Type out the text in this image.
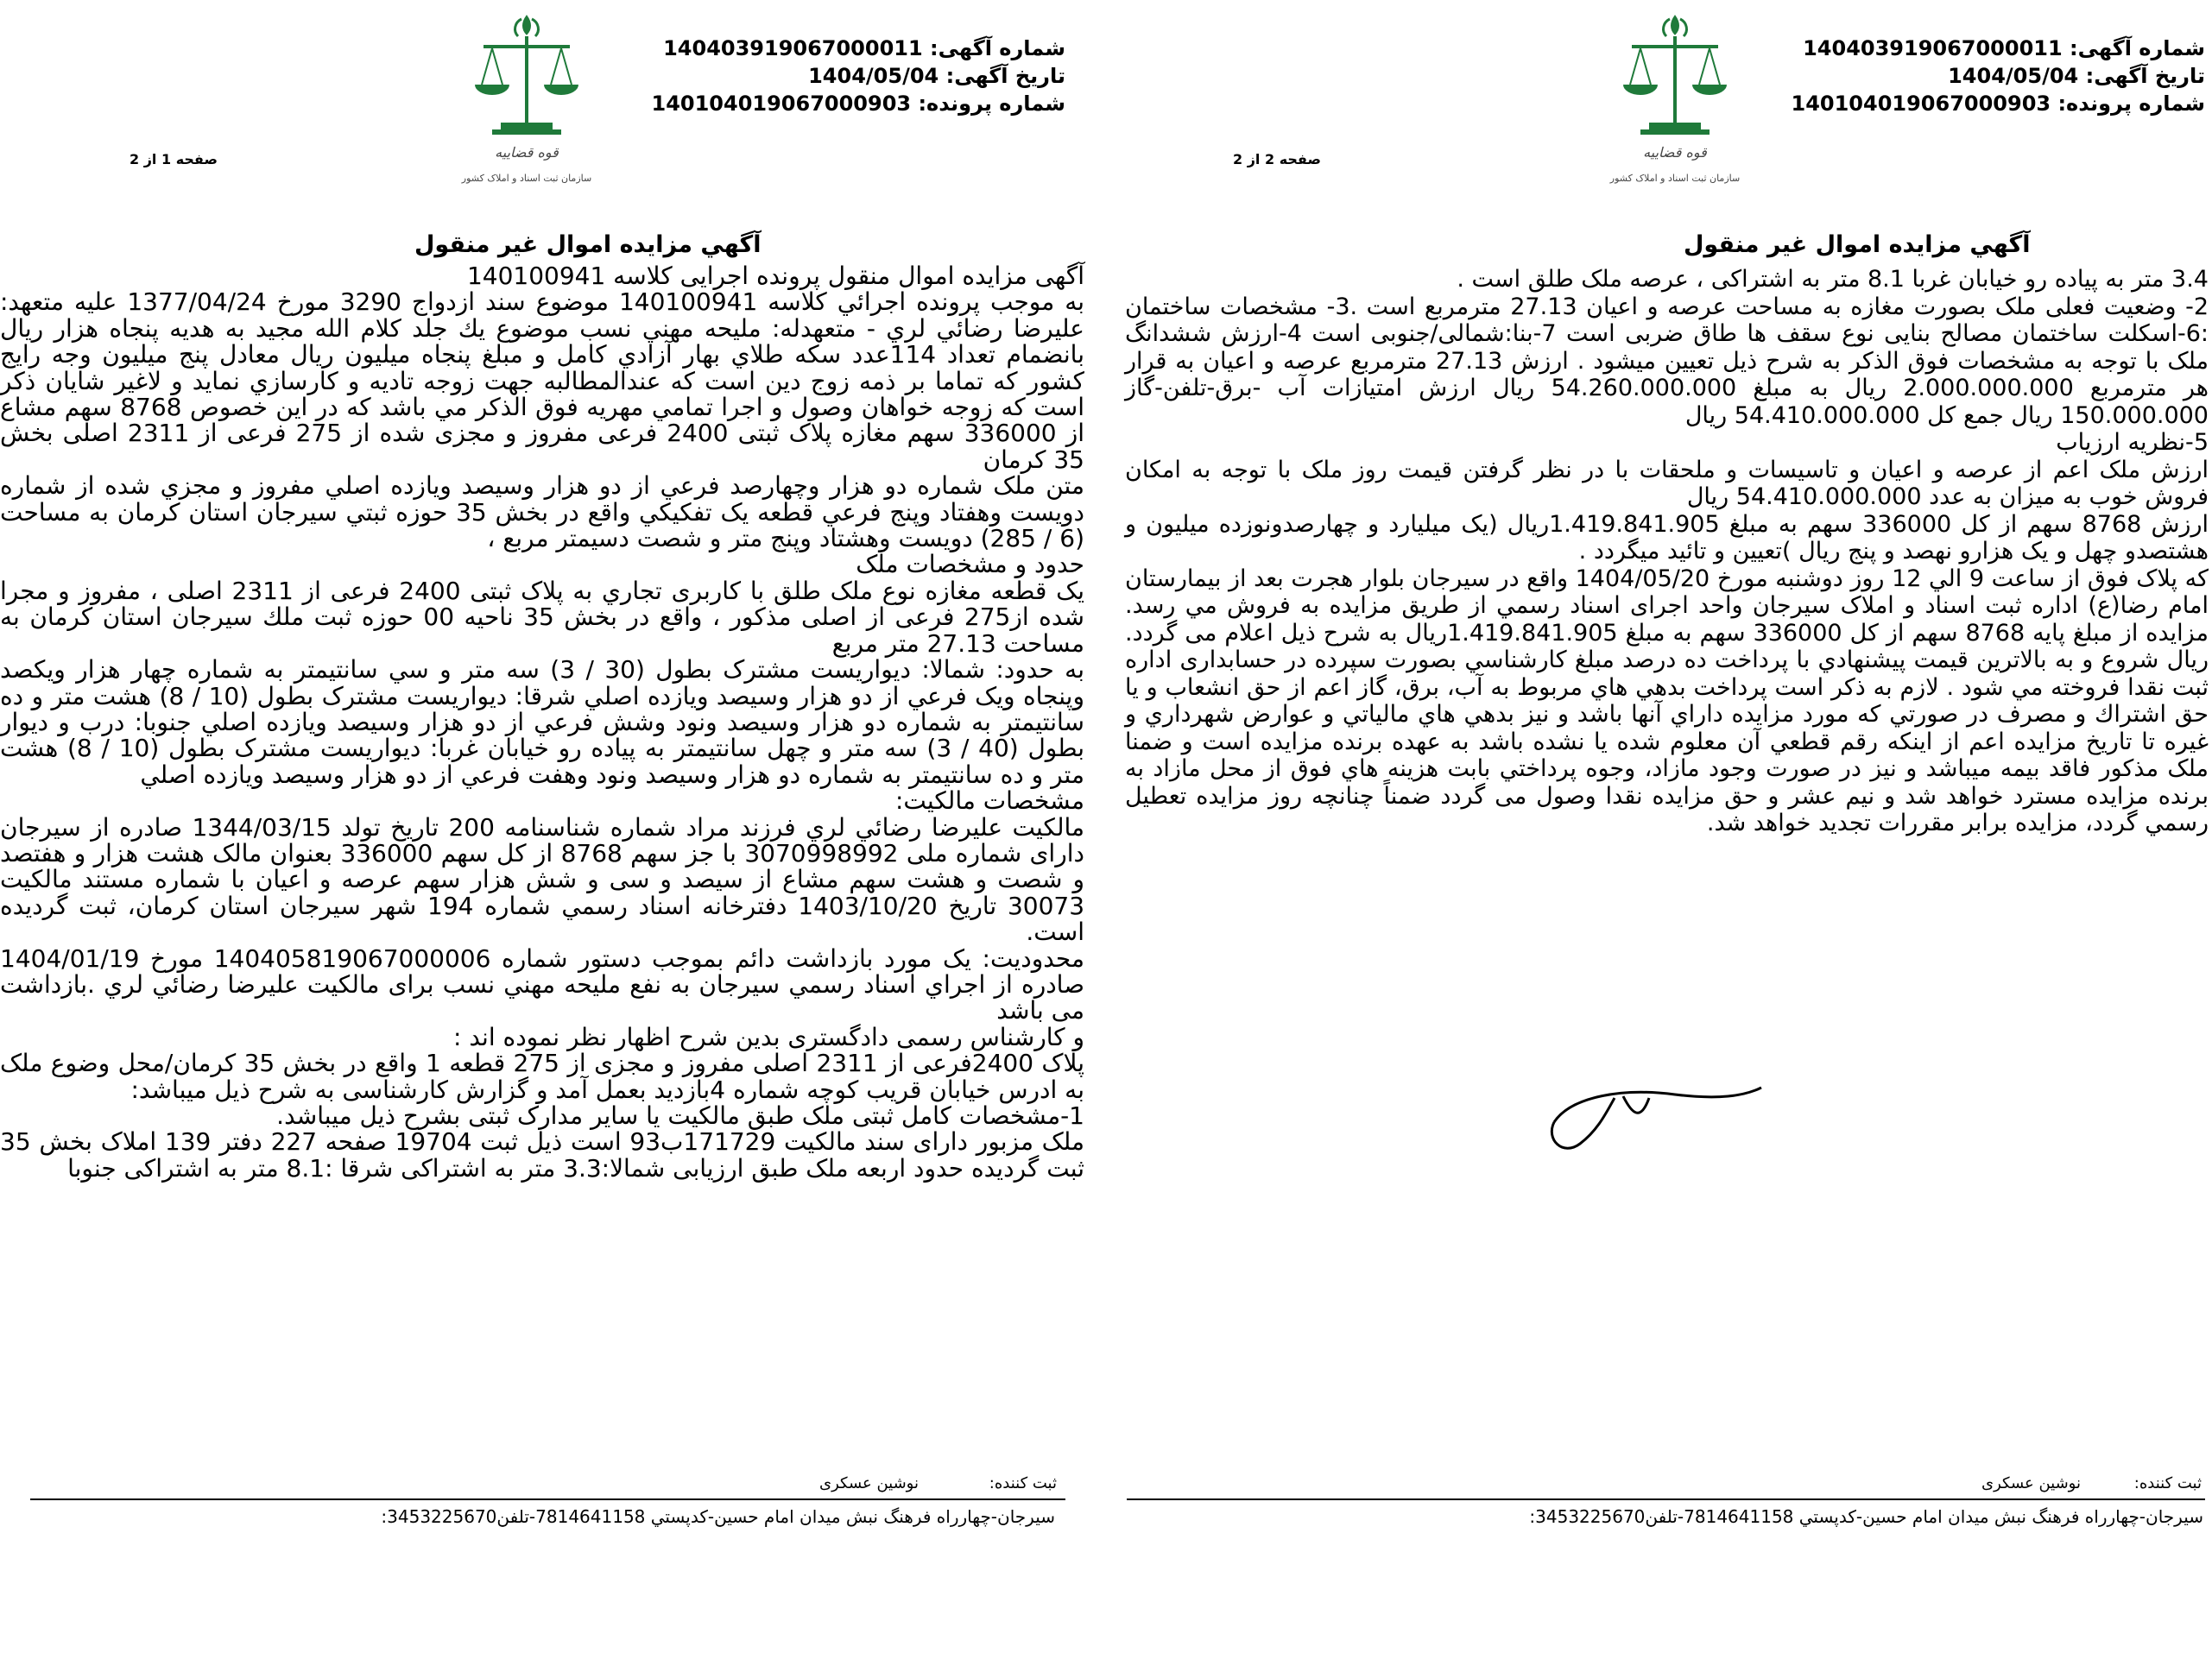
شماره آگهی: 140403919067000011
تاریخ آگهی: 1404/05/04
شماره پرونده: 140104019067000903
قوه قضاییه
سازمان ثبت اسناد و املاک کشور
صفحه 2 از 2
آگهي مزايده اموال غير منقول

3.4 متر به پیاده رو خیابان غربا 8.1 متر به اشتراکی ، عرصه ملک طلق است .

2- وضعیت فعلی ملک بصورت مغازه به مساحت عرصه و اعیان 27.13 مترمربع است .3- مشخصات ساختمان :6-اسکلت ساختمان مصالح بنایی نوع سقف ها طاق ضربی است 7-بنا:شمالی/جنوبی است 4-ارزش ششدانگ ملک با توجه به مشخصات فوق الذکر به شرح ذیل تعیین میشود . ارزش 27.13 مترمربع عرصه و اعیان به قرار هر مترمربع 2.000.000.000 ریال به مبلغ 54.260.000.000 ریال ارزش امتیازات آب -برق-تلفن-گاز 150.000.000 ریال جمع کل 54.410.000.000 ریال

5-نظریه ارزیاب

ارزش ملک اعم از عرصه و اعیان و تاسیسات و ملحقات با در نظر گرفتن قیمت روز ملک با توجه به امکان فروش خوب به میزان به عدد 54.410.000.000 ریال

ارزش 8768 سهم از کل 336000 سهم به مبلغ 1.419.841.905ریال (یک میلیارد و چهارصدونوزده میلیون و هشتصدو چهل و یک هزارو نهصد و پنج ریال )تعیین و تائید میگردد .

كه پلاک فوق از ساعت 9 الي 12 روز دوشنبه مورخ 1404/05/20 واقع در سیرجان بلوار هجرت بعد از بیمارستان امام رضا(ع) اداره ثبت اسناد و املاک سیرجان واحد اجرای اسناد رسمي از طريق مزايده به فروش مي رسد. مزايده از مبلغ پايه 8768 سهم از کل 336000 سهم به مبلغ 1.419.841.905ریال به شرح ذیل اعلام می گردد. ريال شروع و به بالاترين قيمت پيشنهادي با پرداخت ده درصد مبلغ كارشناسي بصورت سپرده در حسابداری اداره ثبت نقدا فروخته مي شود . لازم به ذکر است پرداخت بدهي هاي مربوط به آب، برق، گاز اعم از حق انشعاب و یا حق اشتراك و مصرف در صورتي كه مورد مزايده داراي آنها باشد و نيز بدهي هاي مالياتي و عوارض شهرداري و غيره تا تاريخ مزايده اعم از اينكه رقم قطعي آن معلوم شده يا نشده باشد به عهده برنده مزايده است و ضمنا ملک مذکور فاقد بیمه میباشد و نيز در صورت وجود مازاد، وجوه پرداختي بابت هزينه هاي فوق از محل مازاد به برنده مزايده مسترد خواهد شد و نیم عشر و حق مزایده نقدا وصول می گردد ضمناً چنانچه روز مزايده تعطيل رسمي گردد، مزايده برابر مقررات تجديد خواهد شد.

ثبت کننده:
نوشین عسکری
سیرجان-چهارراه فرهنگ نبش میدان امام حسین-کدپستي 7814641158-تلفن3453225670:
شماره آگهی: 140403919067000011
تاریخ آگهی: 1404/05/04
شماره پرونده: 140104019067000903
قوه قضاییه
سازمان ثبت اسناد و املاک کشور
صفحه 1 از 2
آگهي مزايده اموال غير منقول

آگهی مزایده اموال منقول پرونده اجرایی کلاسه 140100941

به موجب پرونده اجرائي كلاسه 140100941 موضوع سند ازدواج 3290 مورخ 1377/04/24 علیه متعهد: علیرضا رضائي لري - متعهدله: مليحه مهني نسب موضوع يك جلد كلام الله مجيد به هديه پنجاه هزار ريال بانضمام تعداد 114عدد سكه طلاي بهار آزادي كامل و مبلغ پنجاه ميليون ريال معادل پنج ميليون وجه رايج كشور كه تماما بر ذمه زوج دين است كه عندالمطالبه جهت زوجه تاديه و كارسازي نمايد و لاغير شايان ذكر است كه زوجه خواهان وصول و اجرا تمامي مهريه فوق الذكر مي باشد كه در اين خصوص 8768 سهم مشاع از 336000 سهم مغازه پلاک ثبتی 2400 فرعی مفروز و مجزی شده از 275 فرعی از 2311 اصلی بخش 35 کرمان

متن ملک شماره دو هزار وچهارصد فرعي از دو هزار وسيصد ويازده اصلي مفروز و مجزي شده از شماره دويست وهفتاد وپنج فرعي قطعه يک تفکيکي واقع در بخش 35 حوزه ثبتي سيرجان استان كرمان به مساحت (6 / 285) دويست وهشتاد وپنج متر و شصت دسيمتر مربع ،

حدود و مشخصات ملک

يک قطعه مغازه نوع ملک طلق با کاربری تجاري به پلاک ثبتی 2400 فرعی از 2311 اصلی ، مفروز و مجرا شده از275 فرعی از اصلی مذکور ، واقع در بخش 35 ناحیه 00 حوزه ثبت ملك سيرجان استان كرمان به مساحت 27.13 متر مربع

به حدود: شمالا: ديواريست مشترک بطول (30 / 3) سه متر و سي سانتيمتر به شماره چهار هزار ويکصد وپنجاه ويک فرعي از دو هزار وسيصد ويازده اصلي شرقا: ديواريست مشترک بطول (10 / 8) هشت متر و ده سانتيمتر به شماره دو هزار وسيصد ونود وشش فرعي از دو هزار وسيصد ويازده اصلي جنوبا: درب و ديوار بطول (40 / 3) سه متر و چهل سانتيمتر به پياده رو خيابان غربا: ديواريست مشترک بطول (10 / 8) هشت متر و ده سانتيمتر به شماره دو هزار وسيصد ونود وهفت فرعي از دو هزار وسيصد ويازده اصلي

مشخصات مالکیت:

مالکیت علیرضا رضائي لري فرزند مراد شماره شناسنامه 200 تاریخ تولد 1344/03/15 صادره از سيرجان دارای شماره ملی 3070998992 با جز سهم 8768 از کل سهم 336000 بعنوان مالک هشت هزار و هفتصد و شصت و هشت سهم مشاع از سیصد و سی و شش هزار سهم عرصه و اعیان با شماره مستند مالکیت 30073 تاریخ 1403/10/20 دفترخانه اسناد رسمي شماره 194 شهر سيرجان استان كرمان، ثبت گردیده است.

محدودیت: یک مورد بازداشت دائم بموجب دستور شماره 140405819067000006 مورخ 1404/01/19 صادره از اجراي اسناد رسمي سيرجان به نفع مليحه مهني نسب برای مالکیت علیرضا رضائي لري .بازداشت می باشد

و کارشناس رسمی دادگستری بدین شرح اظهار نظر نموده اند :

پلاک 2400فرعی از 2311 اصلی مفروز و مجزی از 275 قطعه 1 واقع در بخش 35 کرمان/محل وضوع ملک به ادرس خیابان قریب کوچه شماره 4بازدید بعمل آمد و گزارش کارشناسی به شرح ذیل میباشد:

1-مشخصات کامل ثبتی ملک طبق مالکیت یا سایر مدارک ثبتی بشرح ذیل میباشد.

ملک مزبور دارای سند مالکیت 171729ب93 است ذیل ثبت 19704 صفحه 227 دفتر 139 املاک بخش 35 ثبت گردیده حدود اربعه ملک طبق ارزیابی شمالا:3.3 متر به اشتراکی شرقا :8.1 متر به اشتراکی جنوبا

ثبت کننده:
نوشین عسکری
سیرجان-چهارراه فرهنگ نبش میدان امام حسین-کدپستي 7814641158-تلفن3453225670:
